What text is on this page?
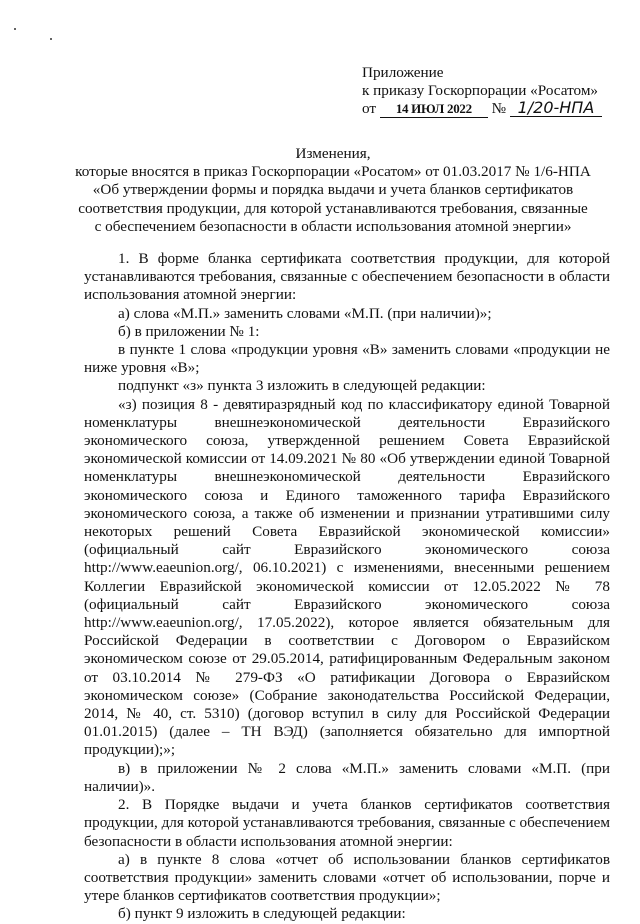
Приложение
к приказу Госкорпорации «Росатом»
от 14 ИЮЛ 2022 № 1/20-НПА
Изменения,
которые вносятся в приказ Госкорпорации «Росатом» от 01.03.2017 № 1/6-НПА
«Об утверждении формы и порядка выдачи и учета бланков сертификатов
соответствия продукции, для которой устанавливаются требования, связанные
с обеспечением безопасности в области использования атомной энергии»

1. В форме бланка сертификата соответствия продукции, для которой устанавливаются требования, связанные с обеспечением безопасности в области использования атомной энергии:

а) слова «М.П.» заменить словами «М.П. (при наличии)»;

б) в приложении № 1:

в пункте 1 слова «продукции уровня «В» заменить словами «продукции не ниже уровня «В»;

подпункт «з» пункта 3 изложить в следующей редакции:

«з) позиция 8 - девятиразрядный код по классификатору единой Товарной номенклатуры внешнеэкономической деятельности Евразийского экономического союза, утвержденной решением Совета Евразийской экономической комиссии от 14.09.2021 № 80 «Об утверждении единой Товарной номенклатуры внешнеэкономической деятельности Евразийского экономического союза и Единого таможенного тарифа Евразийского экономического союза, а также об изменении и признании утратившими силу некоторых решений Совета Евразийской экономической комиссии» (официальный сайт Евразийского экономического союза http://www.eaeunion.org/, 06.10.2021) с изменениями, внесенными решением Коллегии Евразийской экономической комиссии от 12.05.2022 № 78 (официальный сайт Евразийского экономического союза http://www.eaeunion.org/, 17.05.2022), которое является обязательным для Российской Федерации в соответствии с Договором о Евразийском экономическом союзе от 29.05.2014, ратифицированным Федеральным законом от 03.10.2014 № 279-ФЗ «О ратификации Договора о Евразийском экономическом союзе» (Собрание законодательства Российской Федерации, 2014, № 40, ст. 5310) (договор вступил в силу для Российской Федерации 01.01.2015) (далее – ТН ВЭД) (заполняется обязательно для импортной продукции);»;

в) в приложении № 2 слова «М.П.» заменить словами «М.П. (при наличии)».

2. В Порядке выдачи и учета бланков сертификатов соответствия продукции, для которой устанавливаются требования, связанные с обеспечением безопасности в области использования атомной энергии:

а) в пункте 8 слова «отчет об использовании бланков сертификатов соответствия продукции» заменить словами «отчет об использовании, порче и утере бланков сертификатов соответствия продукции»;

б) пункт 9 изложить в следующей редакции:
